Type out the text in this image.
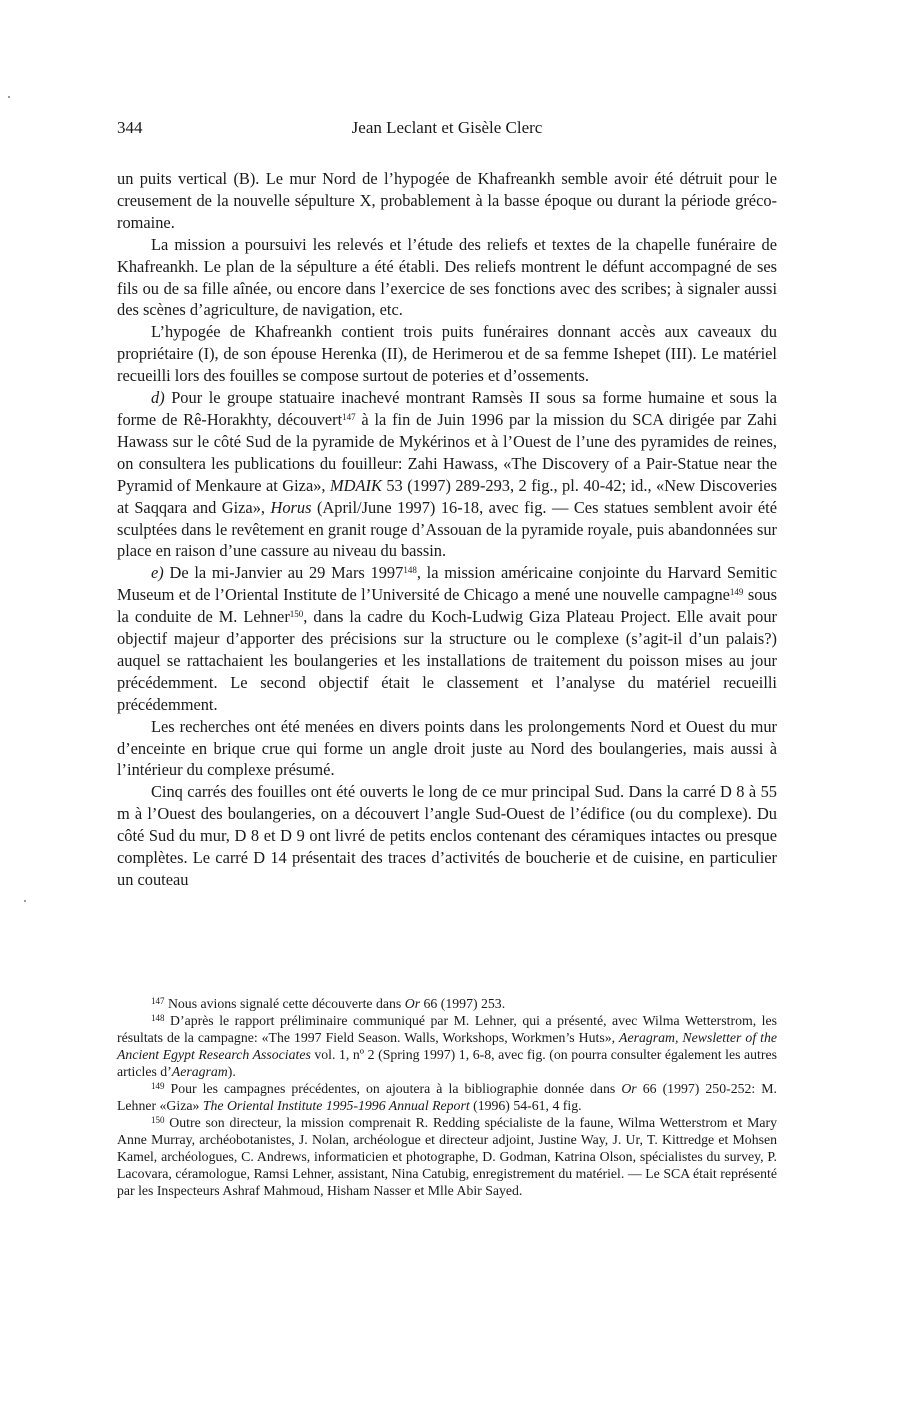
344	Jean Leclant et Gisèle Clerc

un puits vertical (B). Le mur Nord de l’hypogée de Khafreankh semble avoir été détruit pour le creusement de la nouvelle sépulture X, probablement à la basse époque ou durant la période gréco-romaine.

La mission a poursuivi les relevés et l’étude des reliefs et textes de la chapelle funéraire de Khafreankh. Le plan de la sépulture a été établi. Des reliefs montrent le défunt accompagné de ses fils ou de sa fille aînée, ou encore dans l’exercice de ses fonctions avec des scribes; à signaler aussi des scènes d’agriculture, de navigation, etc.

L’hypogée de Khafreankh contient trois puits funéraires donnant accès aux caveaux du propriétaire (I), de son épouse Herenka (II), de Herimerou et de sa femme Ishepet (III). Le matériel recueilli lors des fouilles se compose surtout de poteries et d’ossements.

d) Pour le groupe statuaire inachevé montrant Ramsès II sous sa forme humaine et sous la forme de Rê-Horakhty, découvert$^{147}$ à la fin de Juin 1996 par la mission du SCA dirigée par Zahi Hawass sur le côté Sud de la pyramide de Mykérinos et à l’Ouest de l’une des pyramides de reines, on consultera les publications du fouilleur: Zahi Hawass, «The Discovery of a Pair-Statue near the Pyramid of Menkaure at Giza», MDAIK 53 (1997) 289-293, 2 fig., pl. 40-42; id., «New Discoveries at Saqqara and Giza», Horus (April/June 1997) 16-18, avec fig. — Ces statues semblent avoir été sculptées dans le revêtement en granit rouge d’Assouan de la pyramide royale, puis abandonnées sur place en raison d’une cassure au niveau du bassin.

e) De la mi-Janvier au 29 Mars 1997$^{148}$, la mission américaine conjointe du Harvard Semitic Museum et de l’Oriental Institute de l’Université de Chicago a mené une nouvelle campagne$^{149}$ sous la conduite de M. Lehner$^{150}$, dans la cadre du Koch-Ludwig Giza Plateau Project. Elle avait pour objectif majeur d’apporter des précisions sur la structure ou le complexe (s’agit-il d’un palais?) auquel se rattachaient les boulangeries et les installations de traitement du poisson mises au jour précédemment. Le second objectif était le classement et l’analyse du matériel recueilli précédemment.

Les recherches ont été menées en divers points dans les prolongements Nord et Ouest du mur d’enceinte en brique crue qui forme un angle droit juste au Nord des boulangeries, mais aussi à l’intérieur du complexe présumé.

Cinq carrés des fouilles ont été ouverts le long de ce mur principal Sud. Dans la carré D 8 à 55 m à l’Ouest des boulangeries, on a découvert l’angle Sud-Ouest de l’édifice (ou du complexe). Du côté Sud du mur, D 8 et D 9 ont livré de petits enclos contenant des céramiques intactes ou presque complètes. Le carré D 14 présentait des traces d’activités de boucherie et de cuisine, en particulier un couteau

$^{147}$ Nous avions signalé cette découverte dans Or 66 (1997) 253.

$^{148}$ D’après le rapport préliminaire communiqué par M. Lehner, qui a présenté, avec Wilma Wetterstrom, les résultats de la campagne: «The 1997 Field Season. Walls, Workshops, Workmen’s Huts», Aeragram, Newsletter of the Ancient Egypt Research Associates vol. 1, nº 2 (Spring 1997) 1, 6-8, avec fig. (on pourra consulter également les autres articles d’Aeragram).

$^{149}$ Pour les campagnes précédentes, on ajoutera à la bibliographie donnée dans Or 66 (1997) 250-252: M. Lehner «Giza» The Oriental Institute 1995-1996 Annual Report (1996) 54-61, 4 fig.

$^{150}$ Outre son directeur, la mission comprenait R. Redding spécialiste de la faune, Wilma Wetterstrom et Mary Anne Murray, archéobotanistes, J. Nolan, archéologue et directeur adjoint, Justine Way, J. Ur, T. Kittredge et Mohsen Kamel, archéologues, C. Andrews, informaticien et photographe, D. Godman, Katrina Olson, spécialistes du survey, P. Lacovara, céramologue, Ramsi Lehner, assistant, Nina Catubig, enregistrement du matériel. — Le SCA était représenté par les Inspecteurs Ashraf Mahmoud, Hisham Nasser et Mlle Abir Sayed.
